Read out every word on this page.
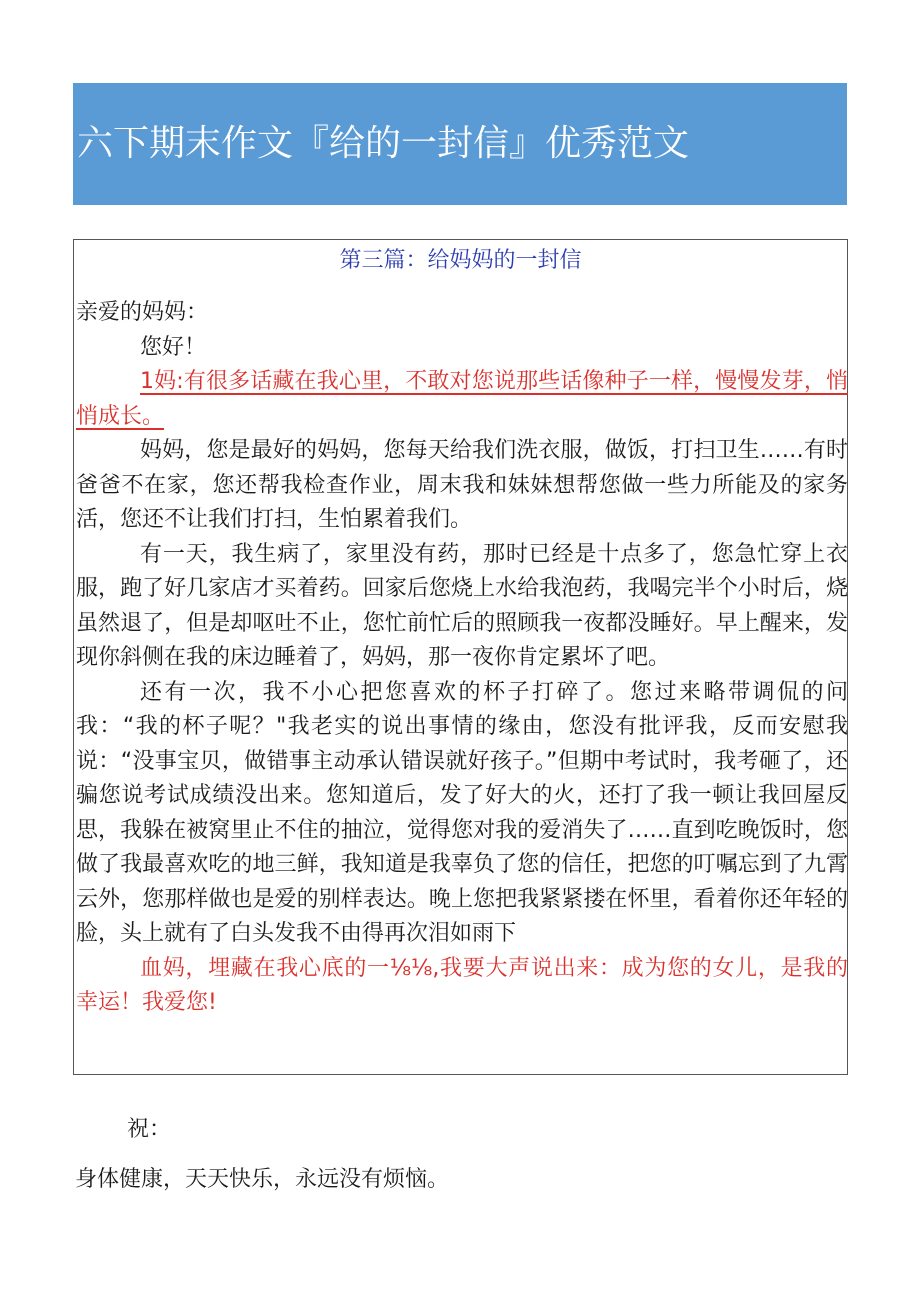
六下期末作文『给的一封信』优秀范文
第三篇：给妈妈的一封信

亲爱的妈妈：

您好！

1妈:有很多话藏在我心里，不敢对您说那些话像种子一样，慢慢发芽，悄悄成长。

妈妈，您是最好的妈妈，您每天给我们洗衣服，做饭，打扫卫生……有时爸爸不在家，您还帮我检查作业，周末我和妹妹想帮您做一些力所能及的家务活，您还不让我们打扫，生怕累着我们。

有一天，我生病了，家里没有药，那时已经是十点多了，您急忙穿上衣服，跑了好几家店才买着药。回家后您烧上水给我泡药，我喝完半个小时后，烧虽然退了，但是却呕吐不止，您忙前忙后的照顾我一夜都没睡好。早上醒来，发现你斜侧在我的床边睡着了，妈妈，那一夜你肯定累坏了吧。

还有一次，我不小心把您喜欢的杯子打碎了。您过来略带调侃的问我：“我的杯子呢？"我老实的说出事情的缘由，您没有批评我，反而安慰我说：“没事宝贝，做错事主动承认错误就好孩子。”但期中考试时，我考砸了，还骗您说考试成绩没出来。您知道后，发了好大的火，还打了我一顿让我回屋反思，我躲在被窝里止不住的抽泣，觉得您对我的爱消失了……直到吃晚饭时，您做了我最喜欢吃的地三鲜，我知道是我辜负了您的信任，把您的叮嘱忘到了九霄云外，您那样做也是爱的别样表达。晚上您把我紧紧搂在怀里，看着你还年轻的脸，头上就有了白头发我不由得再次泪如雨下

血妈，埋藏在我心底的一⅛⅛,我要大声说出来：成为您的女儿，是我的幸运！我爱您!

祝：

身体健康，天天快乐，永远没有烦恼。
